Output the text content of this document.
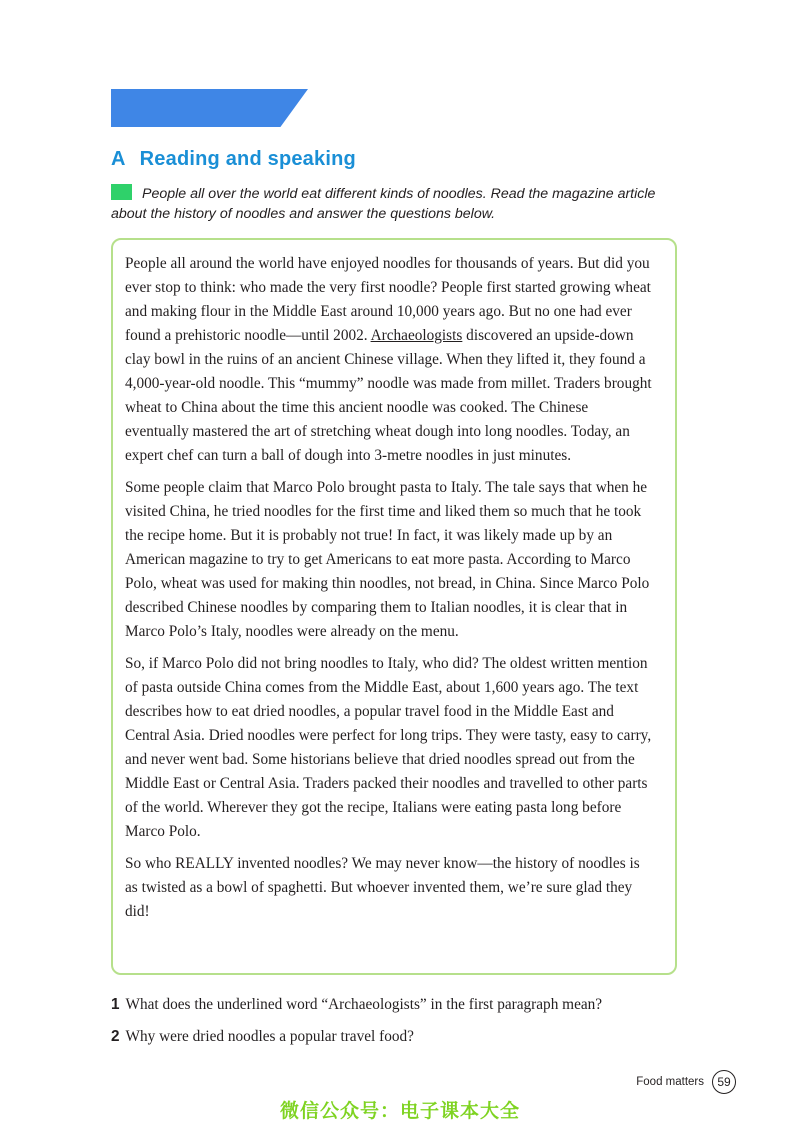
A Reading and speaking

People all over the world eat different kinds of noodles. Read the magazine article about the history of noodles and answer the questions below.

People all around the world have enjoyed noodles for thousands of years. But did you ever stop to think: who made the very first noodle? People first started growing wheat and making flour in the Middle East around 10,000 years ago. But no one had ever found a prehistoric noodle—until 2002. Archaeologists discovered an upside-down clay bowl in the ruins of an ancient Chinese village. When they lifted it, they found a 4,000-year-old noodle. This “mummy” noodle was made from millet. Traders brought wheat to China about the time this ancient noodle was cooked. The Chinese eventually mastered the art of stretching wheat dough into long noodles. Today, an expert chef can turn a ball of dough into 3-metre noodles in just minutes.

Some people claim that Marco Polo brought pasta to Italy. The tale says that when he visited China, he tried noodles for the first time and liked them so much that he took the recipe home. But it is probably not true! In fact, it was likely made up by an American magazine to try to get Americans to eat more pasta. According to Marco Polo, wheat was used for making thin noodles, not bread, in China. Since Marco Polo described Chinese noodles by comparing them to Italian noodles, it is clear that in Marco Polo’s Italy, noodles were already on the menu.

So, if Marco Polo did not bring noodles to Italy, who did? The oldest written mention of pasta outside China comes from the Middle East, about 1,600 years ago. The text describes how to eat dried noodles, a popular travel food in the Middle East and Central Asia. Dried noodles were perfect for long trips. They were tasty, easy to carry, and never went bad. Some historians believe that dried noodles spread out from the Middle East or Central Asia. Traders packed their noodles and travelled to other parts of the world. Wherever they got the recipe, Italians were eating pasta long before Marco Polo.

So who REALLY invented noodles? We may never know—the history of noodles is as twisted as a bowl of spaghetti. But whoever invented them, we’re sure glad they did!

1 What does the underlined word “Archaeologists” in the first paragraph mean?

2 Why were dried noodles a popular travel food?

Food matters	59
微信公众号：电子课本大全
